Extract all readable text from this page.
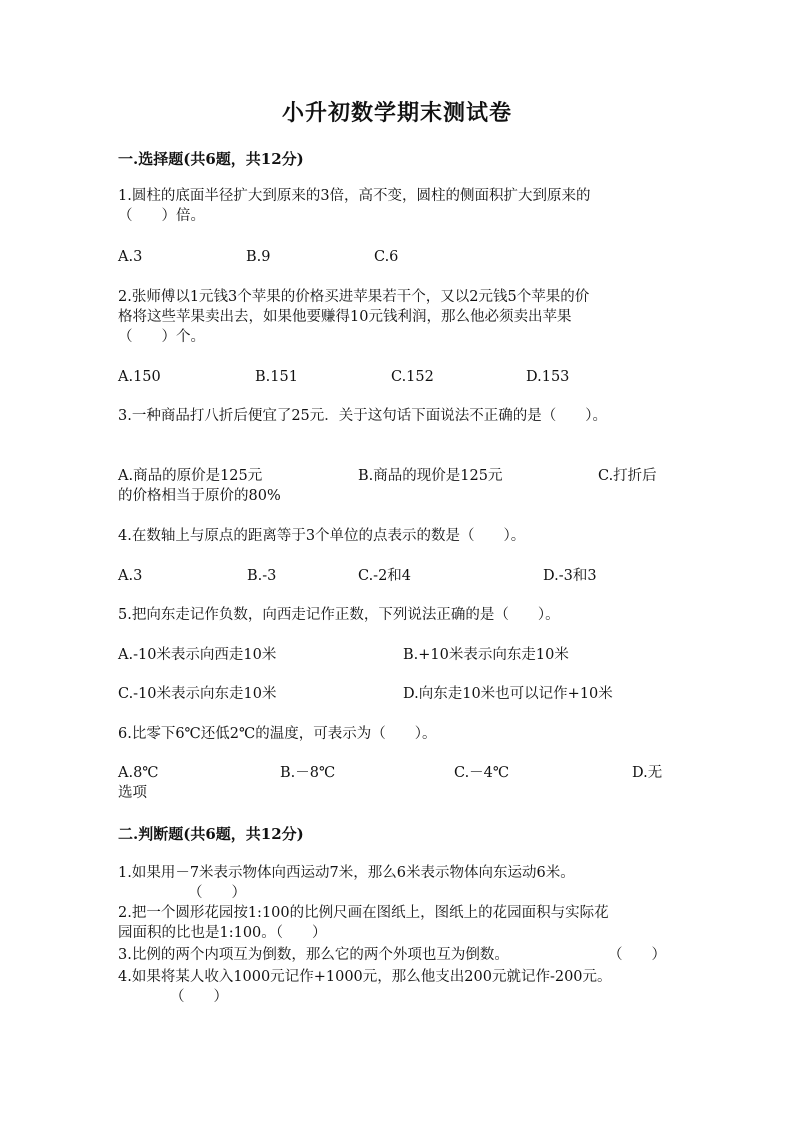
小升初数学期末测试卷
一.选择题(共6题，共12分)
1.圆柱的底面半径扩大到原来的3倍，高不变，圆柱的侧面积扩大到原来的
（　　）倍。
A.3	B.9	C.6
2.张师傅以1元钱3个苹果的价格买进苹果若干个，又以2元钱5个苹果的价
格将这些苹果卖出去，如果他要赚得10元钱利润，那么他必须卖出苹果
（　　）个。
A.150	B.151	C.152	D.153
3.一种商品打八折后便宜了25元．关于这句话下面说法不正确的是（　　）。
A.商品的原价是125元	B.商品的现价是125元	C.打折后
的价格相当于原价的80%
4.在数轴上与原点的距离等于3个单位的点表示的数是（　　）。
A.3	B.-3	C.-2和4	D.-3和3
5.把向东走记作负数，向西走记作正数，下列说法正确的是（　　）。
A.-10米表示向西走10米	B.+10米表示向东走10米
C.-10米表示向东走10米	D.向东走10米也可以记作+10米
6.比零下6℃还低2℃的温度，可表示为（　　）。
A.8℃	B.－8℃	C.－4℃	D.无
选项
二.判断题(共6题，共12分)
1.如果用－7米表示物体向西运动7米，那么6米表示物体向东运动6米。
（　　）
2.把一个圆形花园按1:100的比例尺画在图纸上，图纸上的花园面积与实际花
园面积的比也是1:100。（　　）
3.比例的两个内项互为倒数，那么它的两个外项也互为倒数。	（　　）
4.如果将某人收入1000元记作+1000元，那么他支出200元就记作-200元。
（　　）
